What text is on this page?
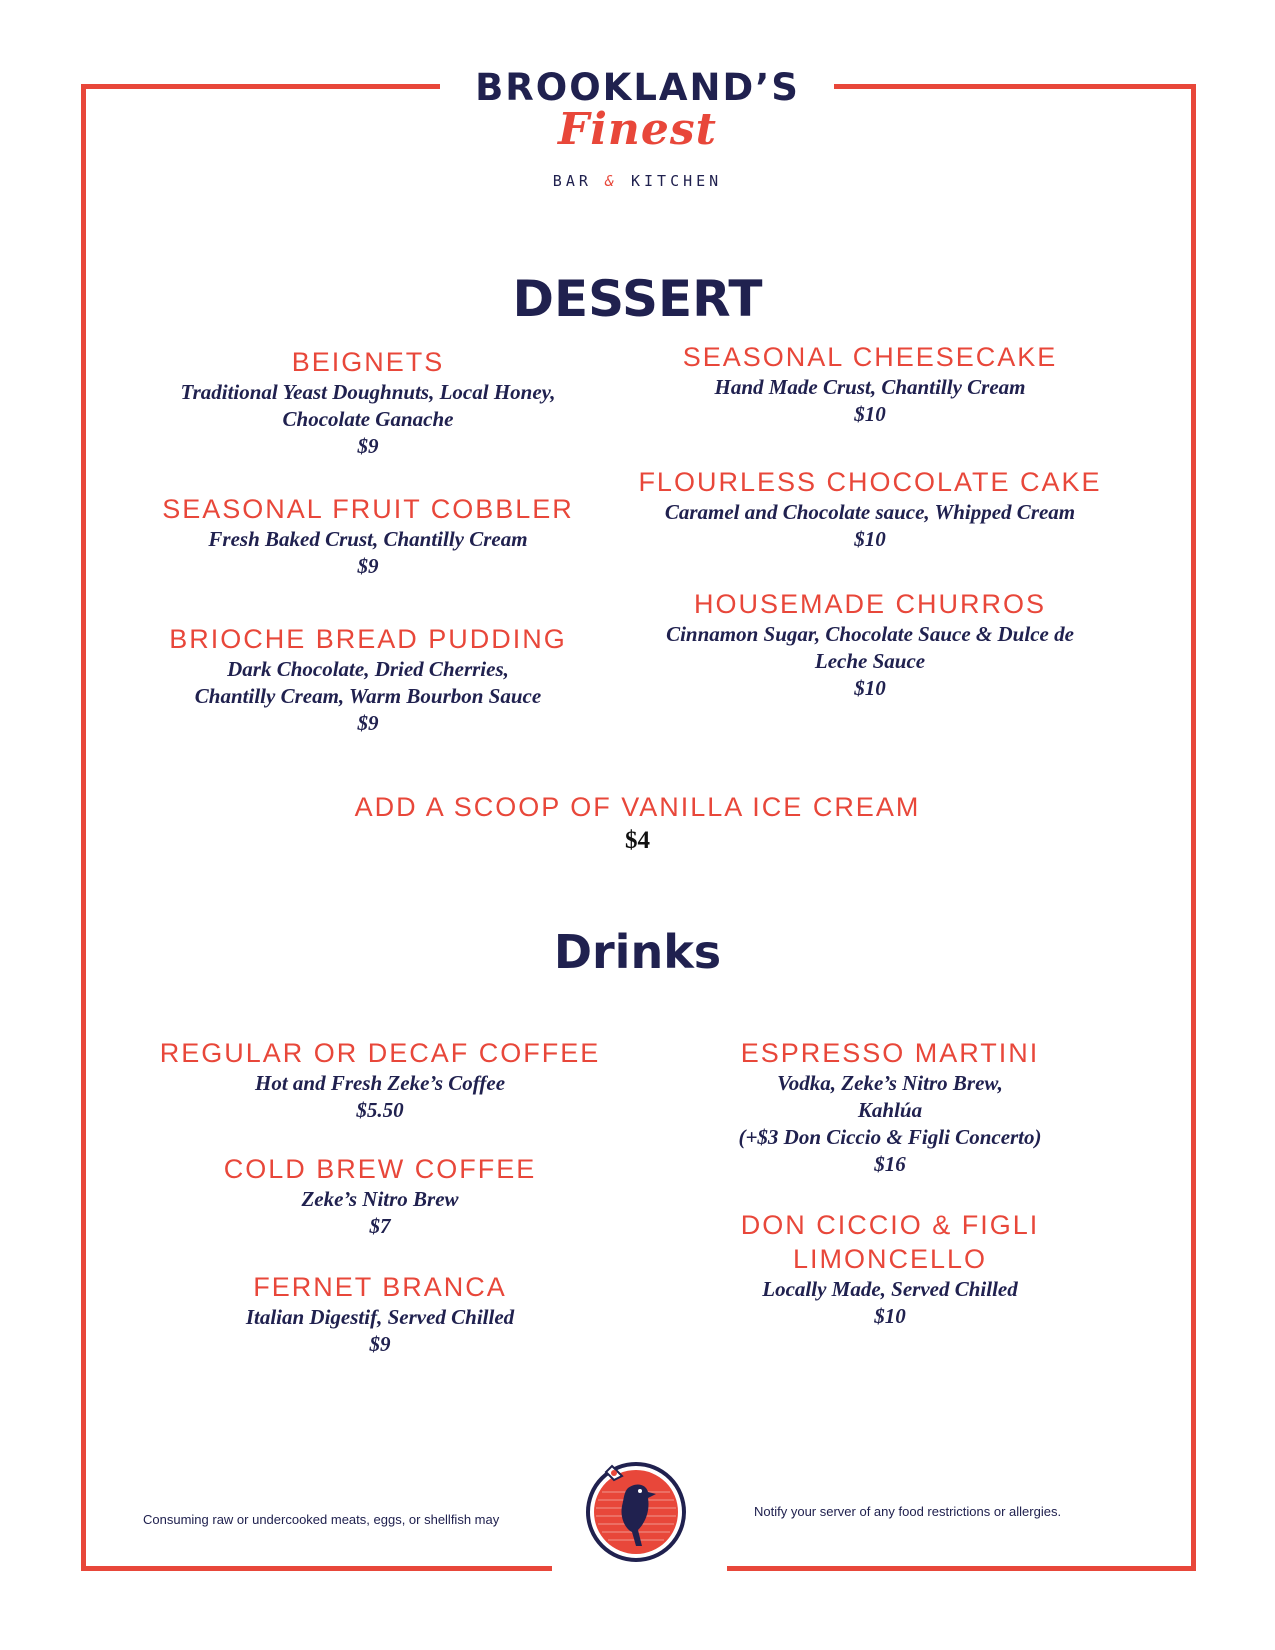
BROOKLAND’S
Finest
BAR & KITCHEN
DESSERT
BEIGNETS
Traditional Yeast Doughnuts, Local Honey,
Chocolate Ganache
$9
SEASONAL FRUIT COBBLER
Fresh Baked Crust, Chantilly Cream
$9
BRIOCHE BREAD PUDDING
Dark Chocolate, Dried Cherries,
Chantilly Cream, Warm Bourbon Sauce
$9
SEASONAL CHEESECAKE
Hand Made Crust, Chantilly Cream
$10
FLOURLESS CHOCOLATE CAKE
Caramel and Chocolate sauce, Whipped Cream
$10
HOUSEMADE CHURROS
Cinnamon Sugar, Chocolate Sauce & Dulce de
Leche Sauce
$10
ADD A SCOOP OF VANILLA ICE CREAM
$4
Drinks
REGULAR OR DECAF COFFEE
Hot and Fresh Zeke’s Coffee
$5.50
COLD BREW COFFEE
Zeke’s Nitro Brew
$7
FERNET BRANCA
Italian Digestif, Served Chilled
$9
ESPRESSO MARTINI
Vodka, Zeke’s Nitro Brew,
Kahlúa
(+$3 Don Ciccio & Figli Concerto)
$16
DON CICCIO & FIGLI
LIMONCELLO
Locally Made, Served Chilled
$10
Consuming raw or undercooked meats, eggs, or shellfish may
Notify your server of any food restrictions or allergies.
